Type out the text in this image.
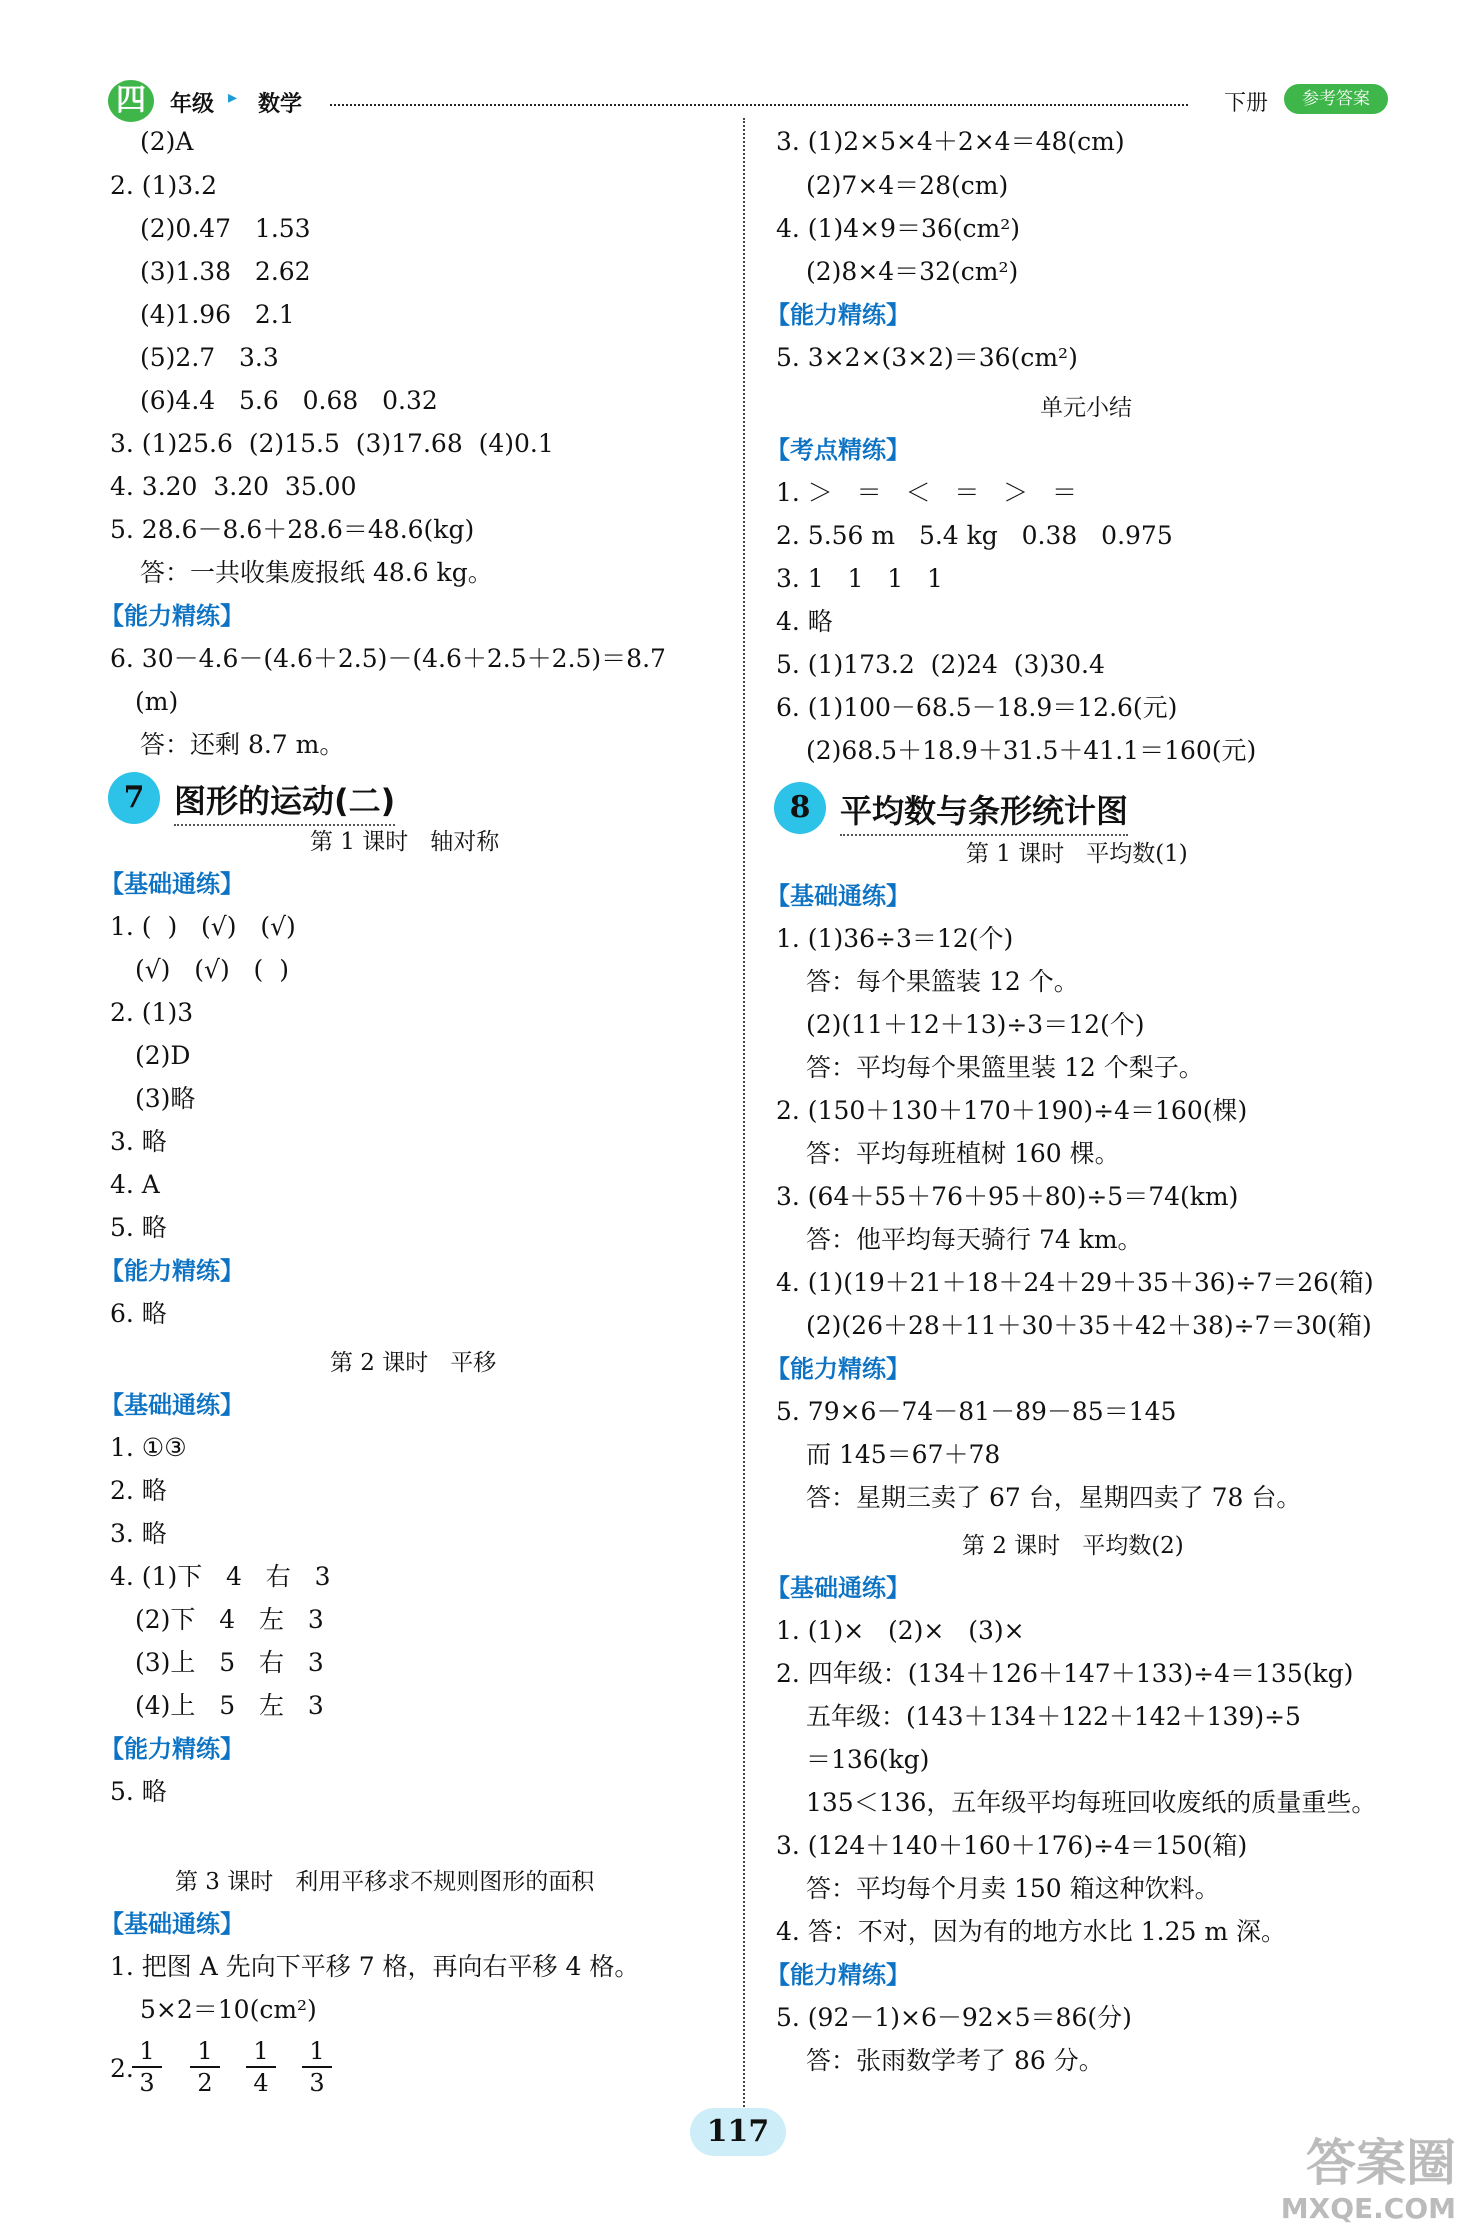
四	年级 ▸ 数学	下册	参考答案
(2)A
2. (1)3.2
(2)0.47   1.53
(3)1.38   2.62
(4)1.96   2.1
(5)2.7   3.3
(6)4.4   5.6   0.68   0.32
3. (1)25.6  (2)15.5  (3)17.68  (4)0.1
4. 3.20  3.20  35.00
5. 28.6－8.6＋28.6＝48.6(kg)
答：一共收集废报纸 48.6 kg。
【能力精练】
6. 30－4.6－(4.6＋2.5)－(4.6＋2.5＋2.5)＝8.7
(m)
答：还剩 8.7 m。
7 图形的运动(二)
第 1 课时   轴对称
【基础通练】
1. (  )   (√)   (√)
(√)   (√)   (  )
2. (1)3
(2)D
(3)略
3. 略
4. A
5. 略
【能力精练】
6. 略
第 2 课时   平移
【基础通练】
1. ①③
2. 略
3. 略
4. (1)下   4   右   3
(2)下   4   左   3
(3)上   5   右   3
(4)上   5   左   3
【能力精练】
5. 略
第 3 课时   利用平移求不规则图形的面积
【基础通练】
1. 把图 A 先向下平移 7 格，再向右平移 4 格。
5×2＝10(cm²)
2.
$\frac{1}{3} \frac{1}{2} \frac{1}{4} \frac{1}{3}$
3. (1)2×5×4＋2×4＝48(cm)
(2)7×4＝28(cm)
4. (1)4×9＝36(cm²)
(2)8×4＝32(cm²)
【能力精练】
5. 3×2×(3×2)＝36(cm²)
单元小结
【考点精练】
1. ＞   ＝   ＜   ＝   ＞   ＝
2. 5.56 m   5.4 kg   0.38   0.975
3. 1   1   1   1
4. 略
5. (1)173.2  (2)24  (3)30.4
6. (1)100－68.5－18.9＝12.6(元)
(2)68.5＋18.9＋31.5＋41.1＝160(元)
8 平均数与条形统计图
第 1 课时   平均数(1)
【基础通练】
1. (1)36÷3＝12(个)
答：每个果篮装 12 个。
(2)(11＋12＋13)÷3＝12(个)
答：平均每个果篮里装 12 个梨子。
2. (150＋130＋170＋190)÷4＝160(棵)
答：平均每班植树 160 棵。
3. (64＋55＋76＋95＋80)÷5＝74(km)
答：他平均每天骑行 74 km。
4. (1)(19＋21＋18＋24＋29＋35＋36)÷7＝26(箱)
(2)(26＋28＋11＋30＋35＋42＋38)÷7＝30(箱)
【能力精练】
5. 79×6－74－81－89－85＝145
而 145＝67＋78
答：星期三卖了 67 台，星期四卖了 78 台。
第 2 课时   平均数(2)
【基础通练】
1. (1)×   (2)×   (3)×
2. 四年级：(134＋126＋147＋133)÷4＝135(kg)
五年级：(143＋134＋122＋142＋139)÷5
＝136(kg)
135＜136，五年级平均每班回收废纸的质量重些。
3. (124＋140＋160＋176)÷4＝150(箱)
答：平均每个月卖 150 箱这种饮料。
4. 答：不对，因为有的地方水比 1.25 m 深。
【能力精练】
5. (92－1)×6－92×5＝86(分)
答：张雨数学考了 86 分。
117
答案圈
MXQE.COM
